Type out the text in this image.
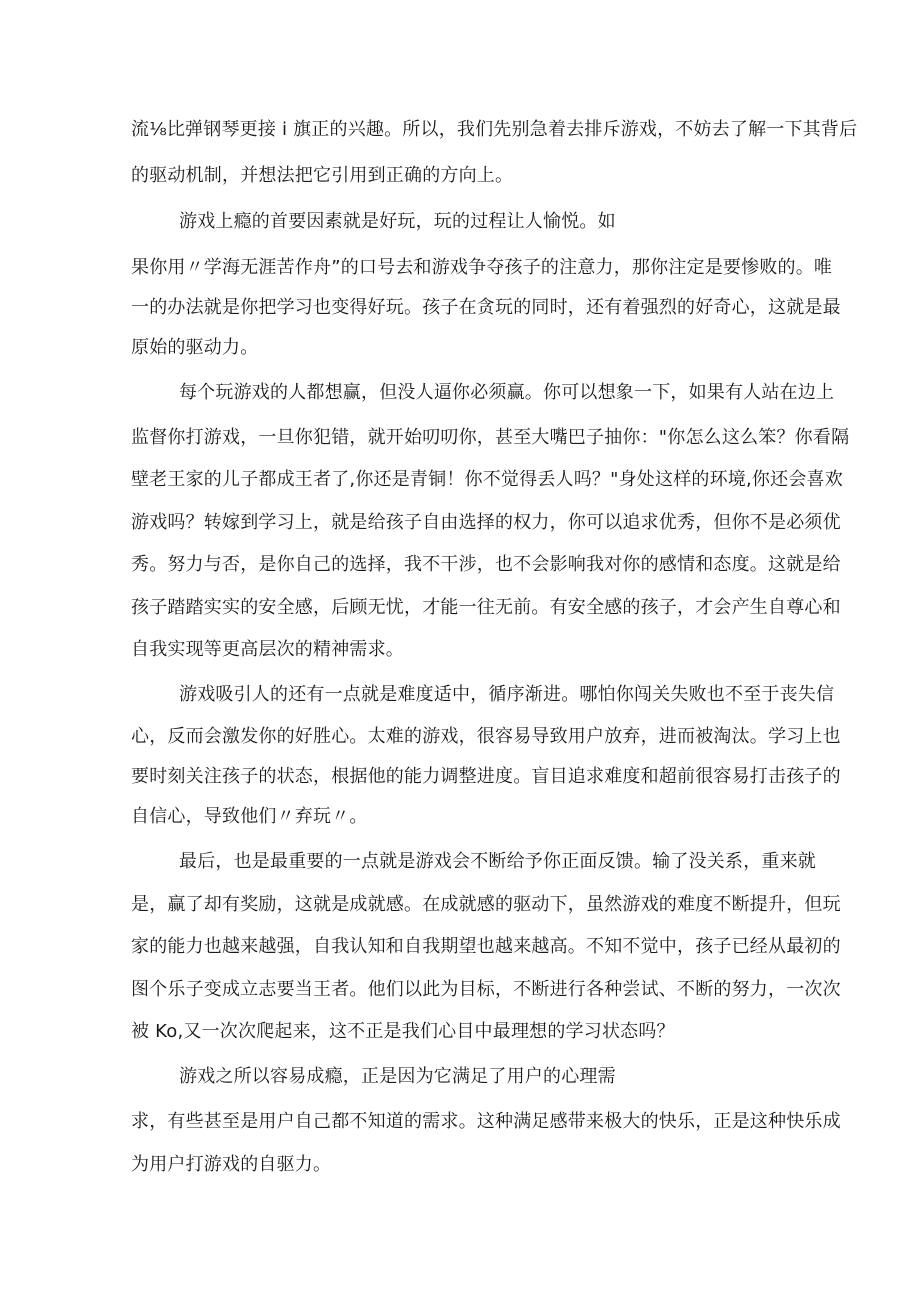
流⅛比弹钢琴更接 i 旗正的兴趣。所以，我们先别急着去排斥游戏，不妨去了解一下其背后
的驱动机制，并想法把它引用到正确的方向上。
游戏上瘾的首要因素就是好玩，玩的过程让人愉悦。如
果你用〃学海无涯苦作舟”的口号去和游戏争夺孩子的注意力，那你注定是要惨败的。唯
一的办法就是你把学习也变得好玩。孩子在贪玩的同时，还有着强烈的好奇心，这就是最
原始的驱动力。
每个玩游戏的人都想赢，但没人逼你必须赢。你可以想象一下，如果有人站在边上
监督你打游戏，一旦你犯错，就开始叨叨你，甚至大嘴巴子抽你："你怎么这么笨？你看隔
壁老王家的儿子都成王者了,你还是青铜！你不觉得丢人吗？"身处这样的环境,你还会喜欢
游戏吗？转嫁到学习上，就是给孩子自由选择的权力，你可以追求优秀，但你不是必须优
秀。努力与否，是你自己的选择，我不干涉，也不会影响我对你的感情和态度。这就是给
孩子踏踏实实的安全感，后顾无忧，才能一往无前。有安全感的孩子，才会产生自尊心和
自我实现等更高层次的精神需求。
游戏吸引人的还有一点就是难度适中，循序渐进。哪怕你闯关失败也不至于丧失信
心，反而会激发你的好胜心。太难的游戏，很容易导致用户放弃，进而被淘汰。学习上也
要时刻关注孩子的状态，根据他的能力调整进度。盲目追求难度和超前很容易打击孩子的
自信心，导致他们〃弃玩〃。
最后，也是最重要的一点就是游戏会不断给予你正面反馈。输了没关系，重来就
是，赢了却有奖励，这就是成就感。在成就感的驱动下，虽然游戏的难度不断提升，但玩
家的能力也越来越强，自我认知和自我期望也越来越高。不知不觉中，孩子已经从最初的
图个乐子变成立志要当王者。他们以此为目标，不断进行各种尝试、不断的努力，一次次
被 Ko,又一次次爬起来，这不正是我们心目中最理想的学习状态吗？
游戏之所以容易成瘾，正是因为它满足了用户的心理需
求，有些甚至是用户自己都不知道的需求。这种满足感带来极大的快乐，正是这种快乐成
为用户打游戏的自驱力。
